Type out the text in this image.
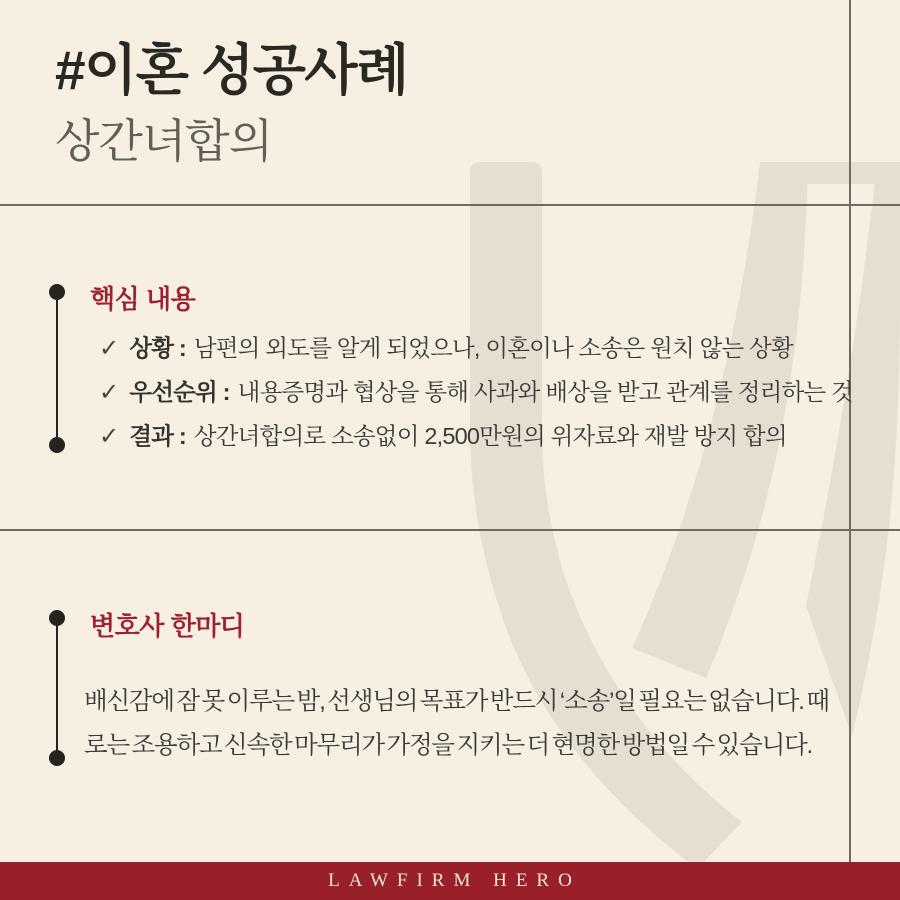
#이혼 성공사례
상간녀합의
핵심 내용
✓ 상황 : 남편의 외도를 알게 되었으나, 이혼이나 소송은 원치 않는 상황
✓ 우선순위 : 내용증명과 협상을 통해 사과와 배상을 받고 관계를 정리하는 것
✓ 결과 : 상간녀합의로 소송없이 2,500만원의 위자료와 재발 방지 합의
변호사 한마디
배신감에 잠 못 이루는 밤, 선생님의 목표가 반드시 ‘소송’일 필요는 없습니다. 때로는 조용하고 신속한 마무리가 가정을 지키는 더 현명한 방법일 수 있습니다.
LAWFIRM HERO
